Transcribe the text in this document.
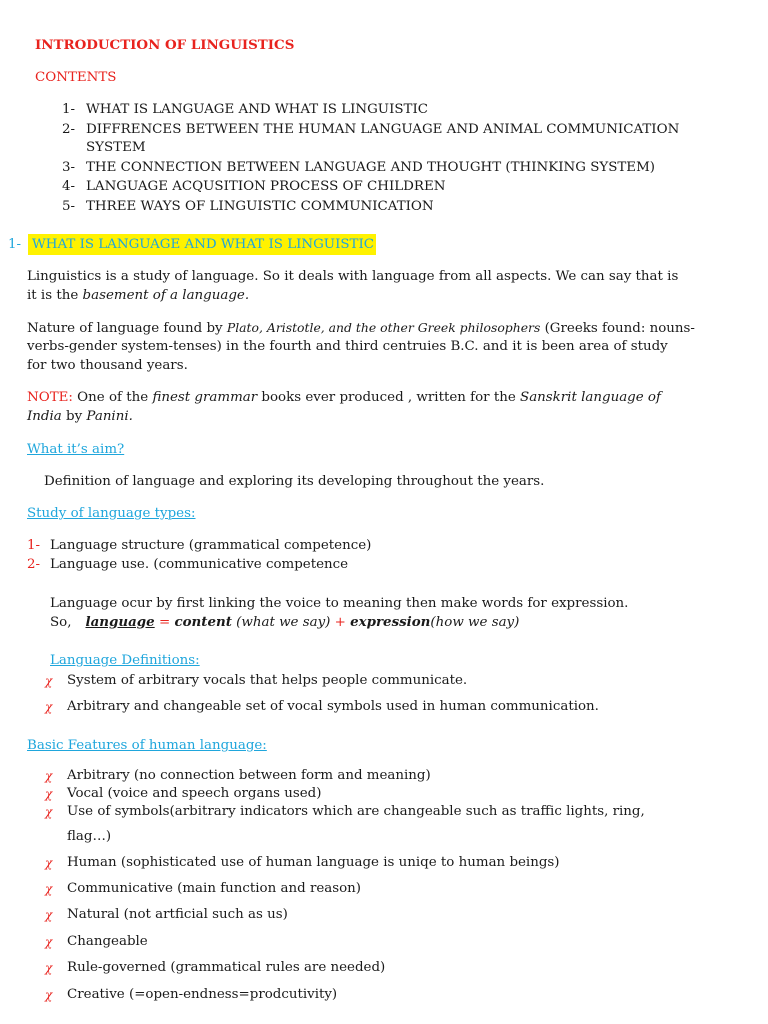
INTRODUCTION OF LINGUISTICS
CONTENTS
1- WHAT IS LANGUAGE AND WHAT IS LINGUISTIC
2- DIFFRENCES BETWEEN THE HUMAN LANGUAGE AND ANIMAL COMMUNICATION
SYSTEM
3- THE CONNECTION BETWEEN LANGUAGE AND THOUGHT (THINKING SYSTEM)
4- LANGUAGE ACQUSITION PROCESS OF CHILDREN
5- THREE WAYS OF LINGUISTIC COMMUNICATION
1- WHAT IS LANGUAGE AND WHAT IS LINGUISTIC
Linguistics is a study of language. So it deals with language from all aspects. We can say that is
it is the basement of a language.
Nature of language found by Plato, Aristotle, and the other Greek philosophers (Greeks found: nouns-
verbs-gender system-tenses) in the fourth and third centruies B.C. and it is been area of study
for two thousand years.
NOTE: One of the finest grammar books ever produced , written for the Sanskrit language of
India by Panini.
What it’s aim?
Definition of language and exploring its developing throughout the years.
Study of language types:
1- Language structure (grammatical competence)
2- Language use. (communicative competence
Language ocur by first linking the voice to meaning then make words for expression.
So, language = content (what we say) + expression(how we say)
Language Definitions:
χ System of arbitrary vocals that helps people communicate.
χ Arbitrary and changeable set of vocal symbols used in human communication.
Basic Features of human language:
χ Arbitrary (no connection between form and meaning)
χ Vocal (voice and speech organs used)
χ Use of symbols(arbitrary indicators which are changeable such as traffic lights, ring,
flag…)
χ Human (sophisticated use of human language is uniqe to human beings)
χ Communicative (main function and reason)
χ Natural (not artficial such as us)
χ Changeable
χ Rule-governed (grammatical rules are needed)
χ Creative (=open-endness=prodcutivity)
